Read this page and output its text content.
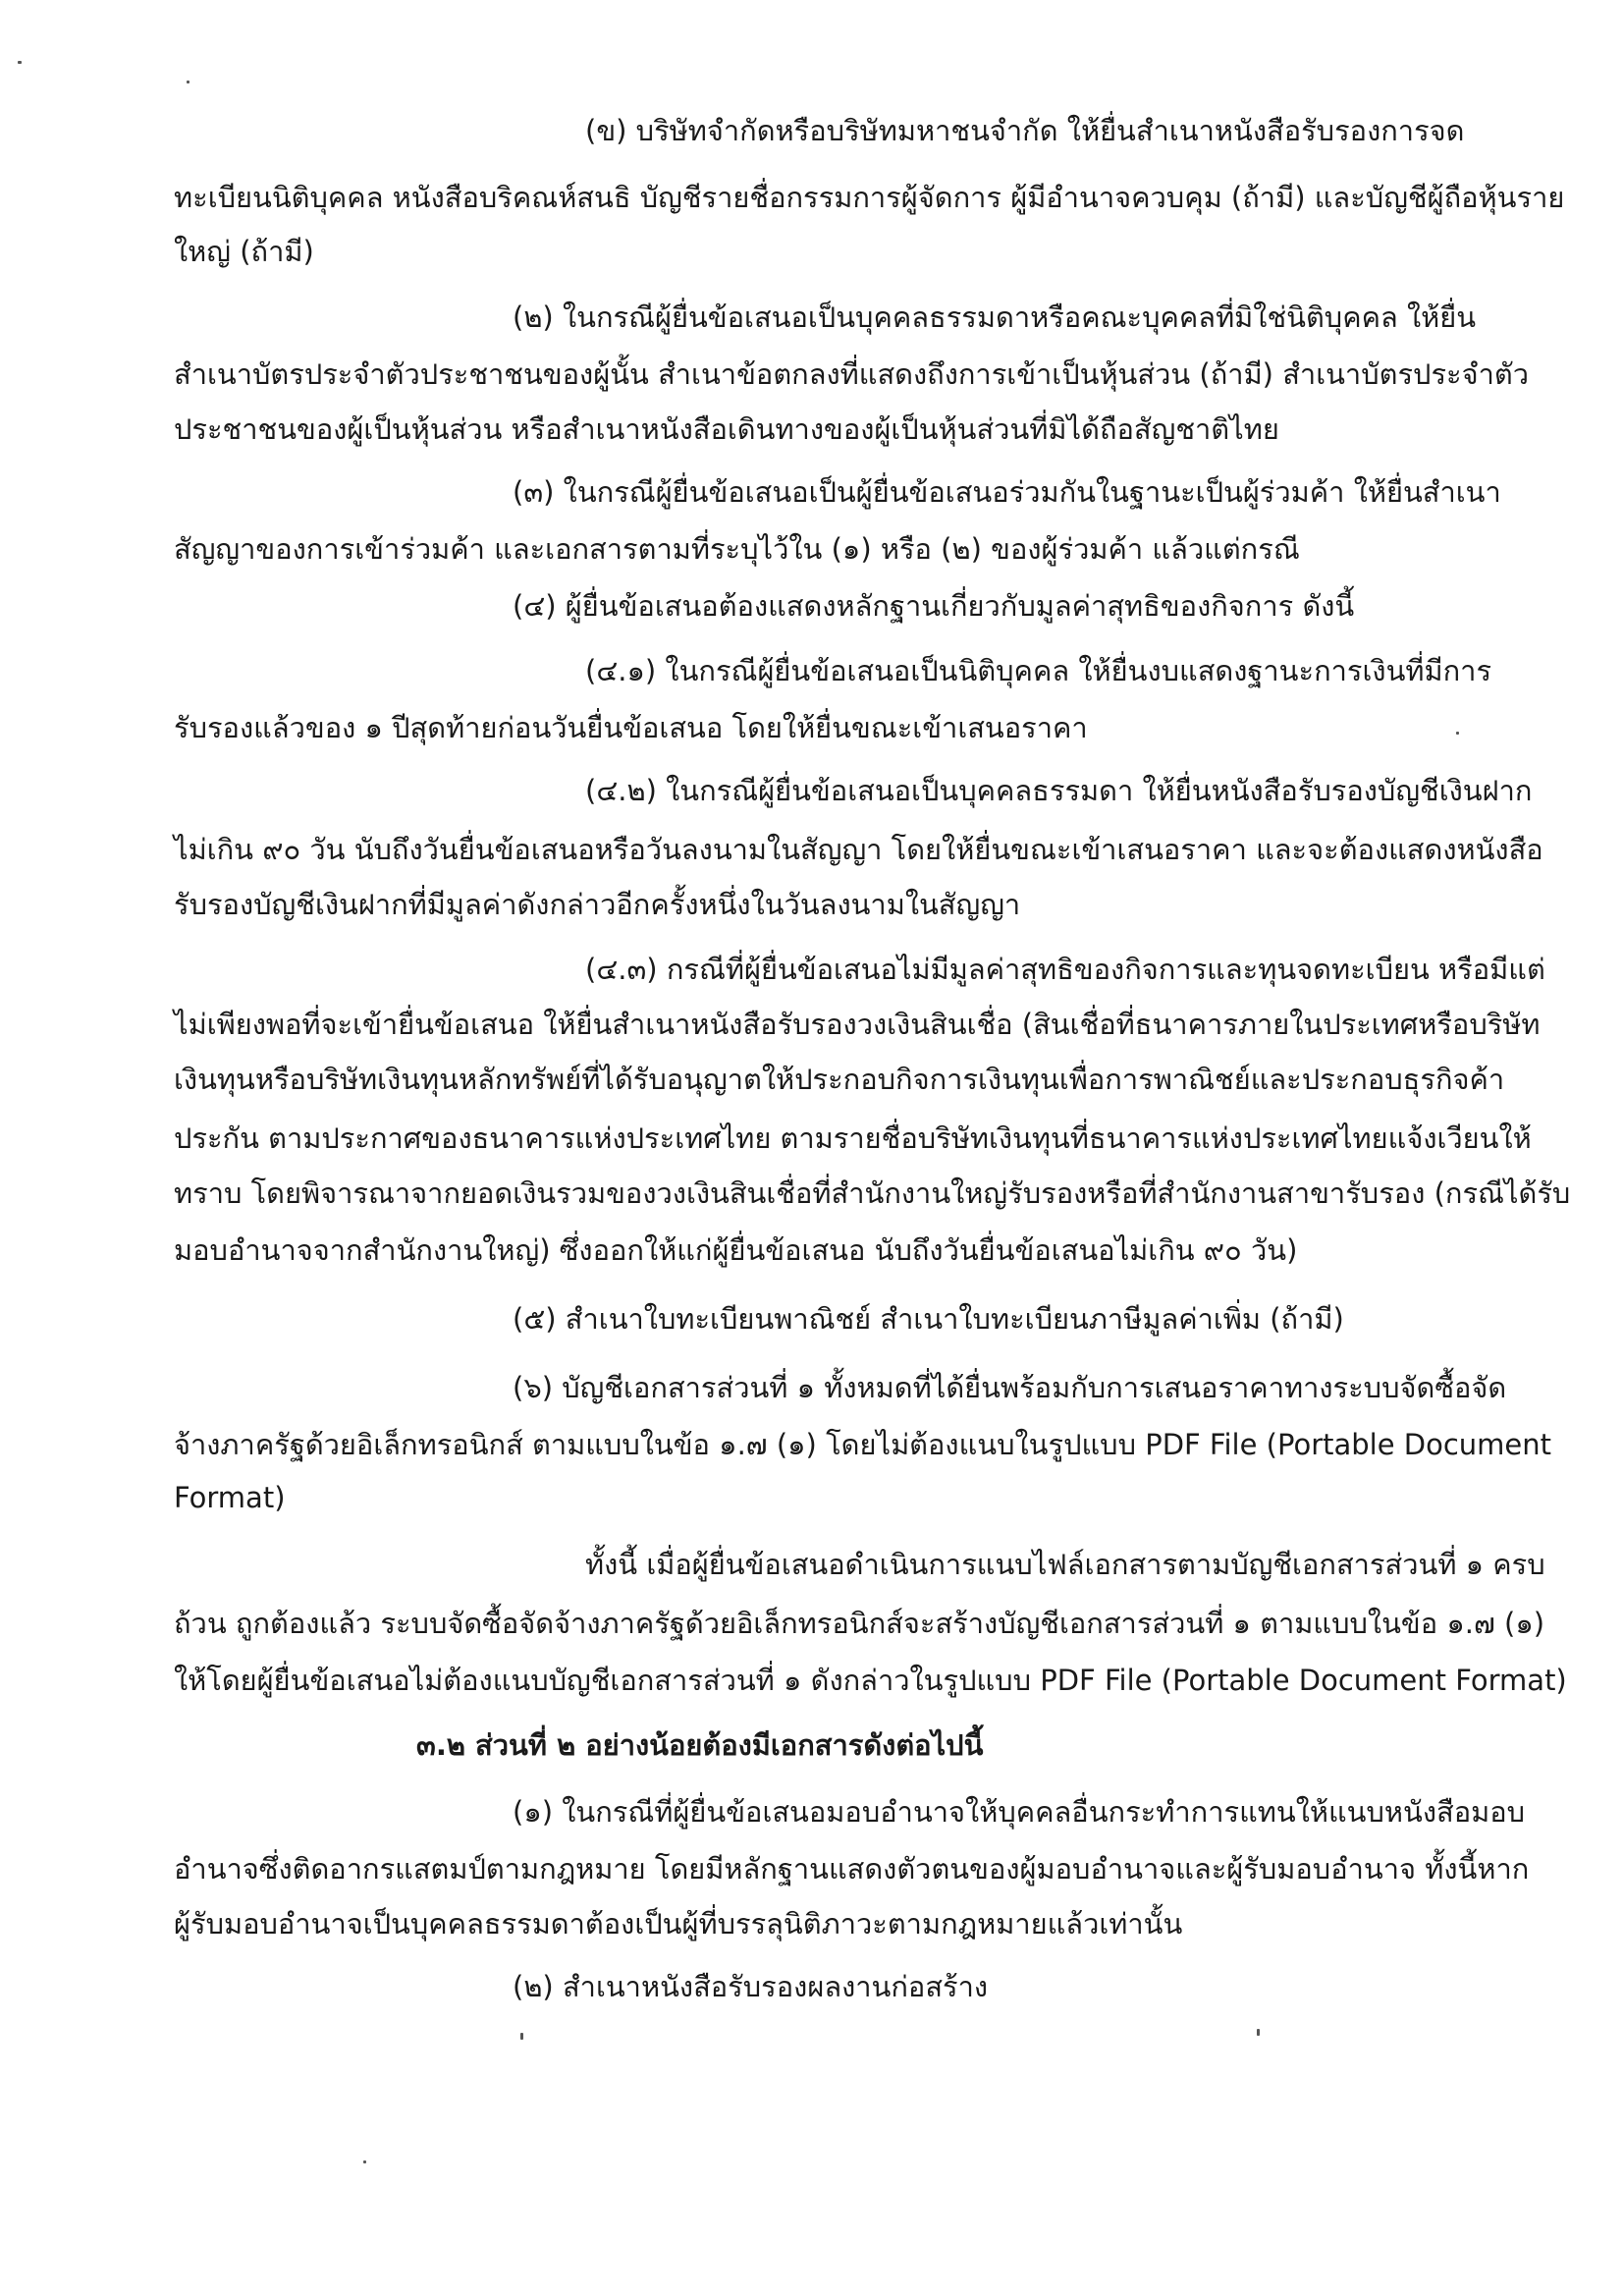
(ข) บริษัทจำกัดหรือบริษัทมหาชนจำกัด ให้ยื่นสำเนาหนังสือรับรองการจด

ทะเบียนนิติบุคคล หนังสือบริคณห์สนธิ บัญชีรายชื่อกรรมการผู้จัดการ ผู้มีอำนาจควบคุม (ถ้ามี) และบัญชีผู้ถือหุ้นราย

ใหญ่ (ถ้ามี)

(๒) ในกรณีผู้ยื่นข้อเสนอเป็นบุคคลธรรมดาหรือคณะบุคคลที่มิใช่นิติบุคคล ให้ยื่น

สำเนาบัตรประจำตัวประชาชนของผู้นั้น สำเนาข้อตกลงที่แสดงถึงการเข้าเป็นหุ้นส่วน (ถ้ามี) สำเนาบัตรประจำตัว

ประชาชนของผู้เป็นหุ้นส่วน หรือสำเนาหนังสือเดินทางของผู้เป็นหุ้นส่วนที่มิได้ถือสัญชาติไทย

(๓) ในกรณีผู้ยื่นข้อเสนอเป็นผู้ยื่นข้อเสนอร่วมกันในฐานะเป็นผู้ร่วมค้า ให้ยื่นสำเนา

สัญญาของการเข้าร่วมค้า และเอกสารตามที่ระบุไว้ใน (๑) หรือ (๒) ของผู้ร่วมค้า แล้วแต่กรณี

(๔) ผู้ยื่นข้อเสนอต้องแสดงหลักฐานเกี่ยวกับมูลค่าสุทธิของกิจการ ดังนี้

(๔.๑) ในกรณีผู้ยื่นข้อเสนอเป็นนิติบุคคล ให้ยื่นงบแสดงฐานะการเงินที่มีการ

รับรองแล้วของ ๑ ปีสุดท้ายก่อนวันยื่นข้อเสนอ โดยให้ยื่นขณะเข้าเสนอราคา

(๔.๒) ในกรณีผู้ยื่นข้อเสนอเป็นบุคคลธรรมดา ให้ยื่นหนังสือรับรองบัญชีเงินฝาก

ไม่เกิน ๙๐ วัน นับถึงวันยื่นข้อเสนอหรือวันลงนามในสัญญา โดยให้ยื่นขณะเข้าเสนอราคา และจะต้องแสดงหนังสือ

รับรองบัญชีเงินฝากที่มีมูลค่าดังกล่าวอีกครั้งหนึ่งในวันลงนามในสัญญา

(๔.๓) กรณีที่ผู้ยื่นข้อเสนอไม่มีมูลค่าสุทธิของกิจการและทุนจดทะเบียน หรือมีแต่

ไม่เพียงพอที่จะเข้ายื่นข้อเสนอ ให้ยื่นสำเนาหนังสือรับรองวงเงินสินเชื่อ (สินเชื่อที่ธนาคารภายในประเทศหรือบริษัท

เงินทุนหรือบริษัทเงินทุนหลักทรัพย์ที่ได้รับอนุญาตให้ประกอบกิจการเงินทุนเพื่อการพาณิชย์และประกอบธุรกิจค้า

ประกัน ตามประกาศของธนาคารแห่งประเทศไทย ตามรายชื่อบริษัทเงินทุนที่ธนาคารแห่งประเทศไทยแจ้งเวียนให้

ทราบ โดยพิจารณาจากยอดเงินรวมของวงเงินสินเชื่อที่สำนักงานใหญ่รับรองหรือที่สำนักงานสาขารับรอง (กรณีได้รับ

มอบอำนาจจากสำนักงานใหญ่) ซึ่งออกให้แก่ผู้ยื่นข้อเสนอ นับถึงวันยื่นข้อเสนอไม่เกิน ๙๐ วัน)

(๕) สำเนาใบทะเบียนพาณิชย์ สำเนาใบทะเบียนภาษีมูลค่าเพิ่ม (ถ้ามี)

(๖) บัญชีเอกสารส่วนที่ ๑ ทั้งหมดที่ได้ยื่นพร้อมกับการเสนอราคาทางระบบจัดซื้อจัด

จ้างภาครัฐด้วยอิเล็กทรอนิกส์ ตามแบบในข้อ ๑.๗ (๑) โดยไม่ต้องแนบในรูปแบบ PDF File (Portable Document

Format)

ทั้งนี้ เมื่อผู้ยื่นข้อเสนอดำเนินการแนบไฟล์เอกสารตามบัญชีเอกสารส่วนที่ ๑ ครบ

ถ้วน ถูกต้องแล้ว ระบบจัดซื้อจัดจ้างภาครัฐด้วยอิเล็กทรอนิกส์จะสร้างบัญชีเอกสารส่วนที่ ๑ ตามแบบในข้อ ๑.๗ (๑)

ให้โดยผู้ยื่นข้อเสนอไม่ต้องแนบบัญชีเอกสารส่วนที่ ๑ ดังกล่าวในรูปแบบ PDF File (Portable Document Format)

๓.๒ ส่วนที่ ๒ อย่างน้อยต้องมีเอกสารดังต่อไปนี้

(๑) ในกรณีที่ผู้ยื่นข้อเสนอมอบอำนาจให้บุคคลอื่นกระทำการแทนให้แนบหนังสือมอบ

อำนาจซึ่งติดอากรแสตมป์ตามกฎหมาย โดยมีหลักฐานแสดงตัวตนของผู้มอบอำนาจและผู้รับมอบอำนาจ ทั้งนี้หาก

ผู้รับมอบอำนาจเป็นบุคคลธรรมดาต้องเป็นผู้ที่บรรลุนิติภาวะตามกฎหมายแล้วเท่านั้น

(๒) สำเนาหนังสือรับรองผลงานก่อสร้าง
